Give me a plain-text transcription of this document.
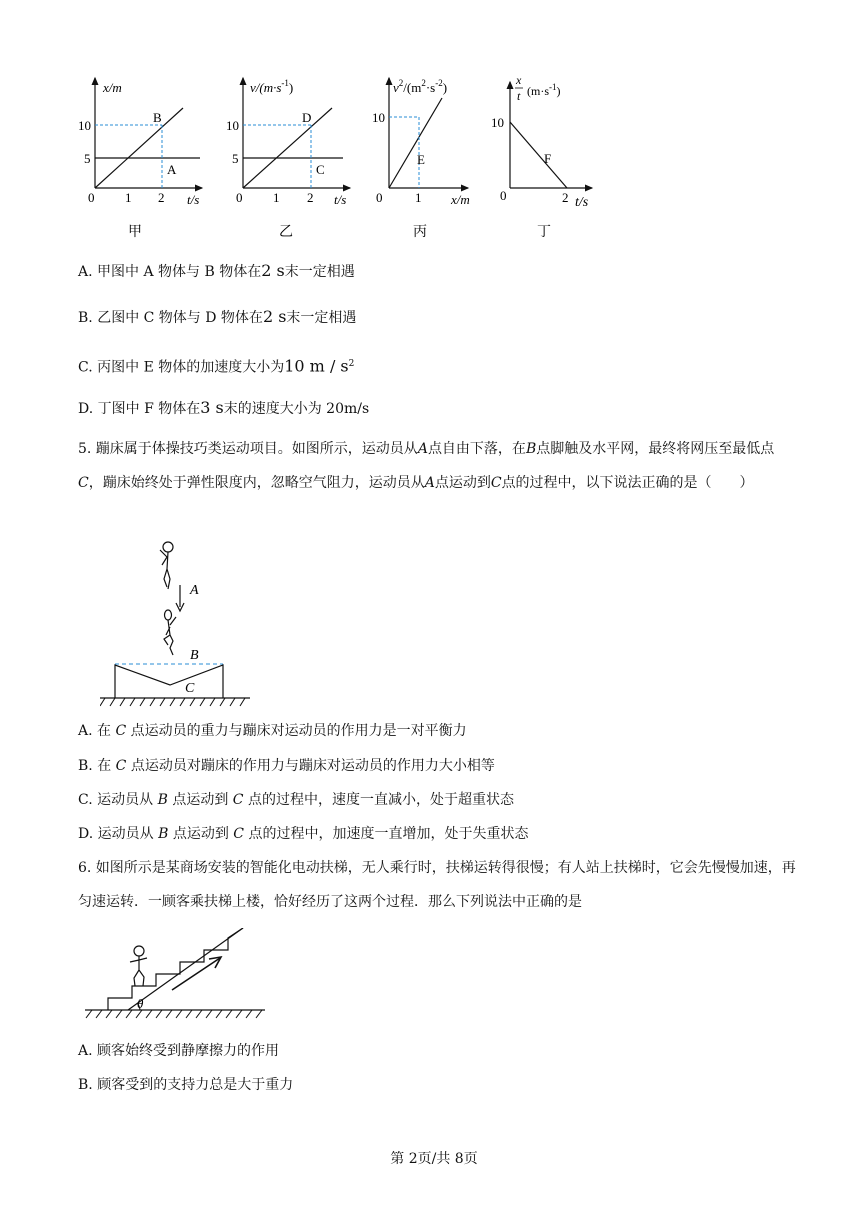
x/m
t/s
10
5
0 1 2
B
A
甲
$v/(m\cdot s^{-1})$
t/s
10
5
0 1 2
D
C
乙
$v^2/(m^2\cdot s^{-2})$
x/m
10
0	1
E
丙
x
t $(m\cdot s^{-1})$
t/s
10
0	2
F
丁
A. 甲图中 A 物体与 B 物体在2 s末一定相遇
B. 乙图中 C 物体与 D 物体在2 s末一定相遇
C. 丙图中 E 物体的加速度大小为10 m / $s^2$
D. 丁图中 F 物体在3 s末的速度大小为 20m/s
5. 蹦床属于体操技巧类运动项目。如图所示，运动员从A点自由下落，在B点脚触及水平网，最终将网压至最低点C，蹦床始终处于弹性限度内，忽略空气阻力，运动员从A点运动到C点的过程中，以下说法正确的是（　　）
A
B
C
A. 在 C 点运动员的重力与蹦床对运动员的作用力是一对平衡力
B. 在 C 点运动员对蹦床的作用力与蹦床对运动员的作用力大小相等
C. 运动员从 B 点运动到 C 点的过程中，速度一直减小，处于超重状态
D. 运动员从 B 点运动到 C 点的过程中，加速度一直增加，处于失重状态
6. 如图所示是某商场安装的智能化电动扶梯，无人乘行时，扶梯运转得很慢；有人站上扶梯时，它会先慢慢加速，再匀速运转．一顾客乘扶梯上楼，恰好经历了这两个过程．那么下列说法中正确的是
θ
A. 顾客始终受到静摩擦力的作用
B. 顾客受到的支持力总是大于重力
第 2页/共 8页
